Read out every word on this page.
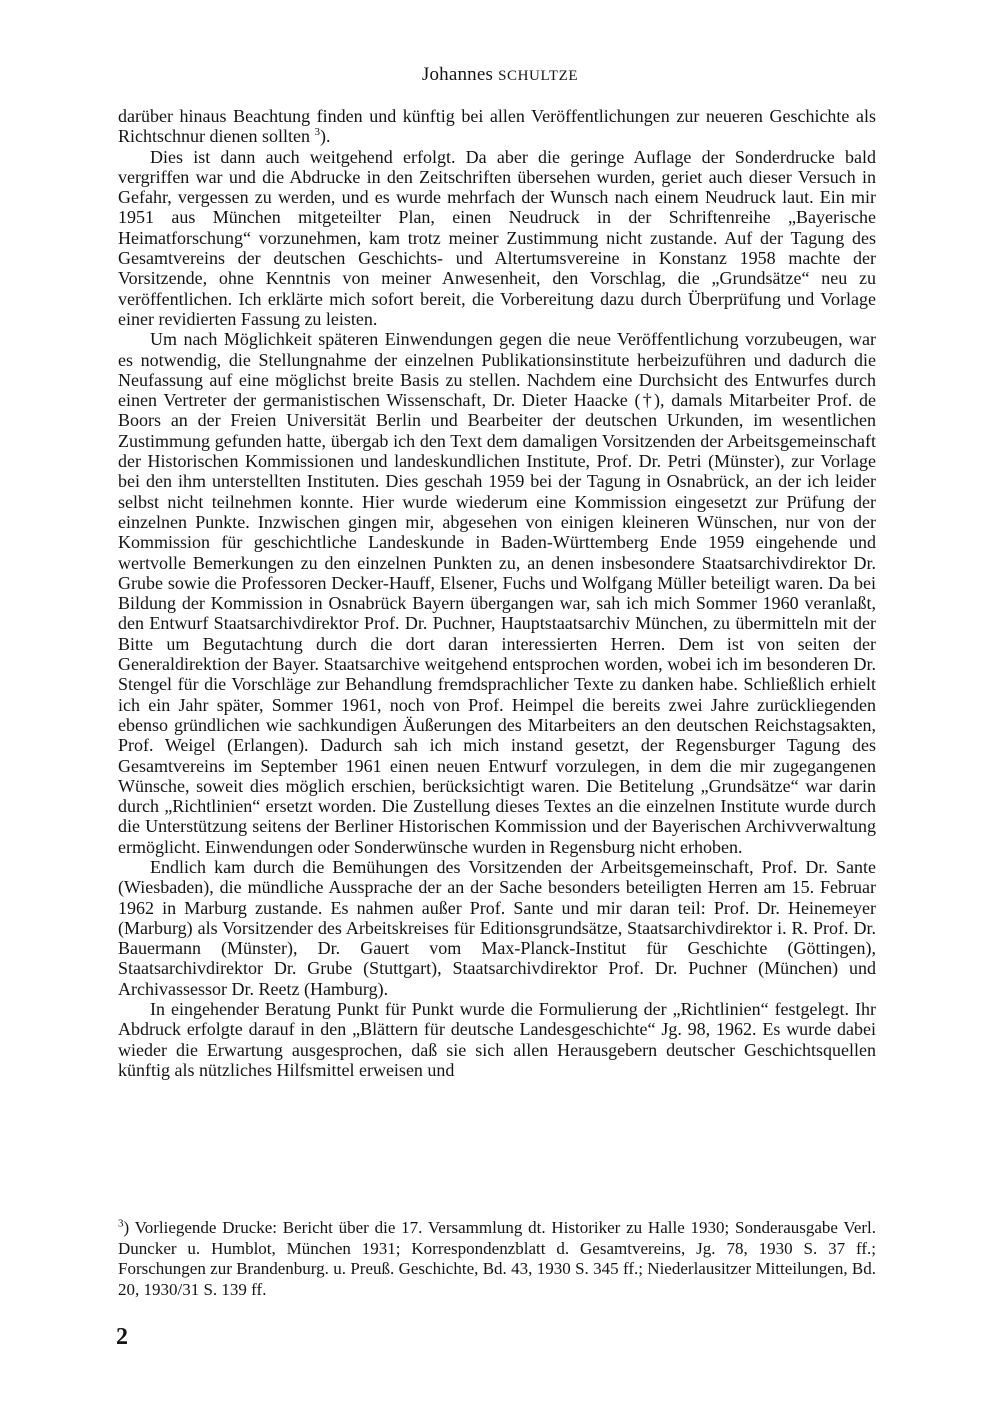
Johannes SCHULTZE

darüber hinaus Beachtung finden und künftig bei allen Veröffentlichungen zur neueren Geschichte als Richtschnur dienen sollten $^3$).

Dies ist dann auch weitgehend erfolgt. Da aber die geringe Auflage der Sonderdrucke bald vergriffen war und die Abdrucke in den Zeitschriften übersehen wurden, geriet auch dieser Versuch in Gefahr, vergessen zu werden, und es wurde mehrfach der Wunsch nach einem Neudruck laut. Ein mir 1951 aus München mitgeteilter Plan, einen Neudruck in der Schriftenreihe „Bayerische Heimatforschung“ vorzunehmen, kam trotz meiner Zustimmung nicht zustande. Auf der Tagung des Gesamtvereins der deutschen Geschichts- und Altertumsvereine in Konstanz 1958 machte der Vorsitzende, ohne Kenntnis von meiner Anwesenheit, den Vorschlag, die „Grundsätze“ neu zu veröffentlichen. Ich erklärte mich sofort bereit, die Vorbereitung dazu durch Überprüfung und Vorlage einer revidierten Fassung zu leisten.

Um nach Möglichkeit späteren Einwendungen gegen die neue Veröffentlichung vorzubeugen, war es notwendig, die Stellungnahme der einzelnen Publikationsinstitute herbeizuführen und dadurch die Neufassung auf eine möglichst breite Basis zu stellen. Nachdem eine Durchsicht des Entwurfes durch einen Vertreter der germanistischen Wissenschaft, Dr. Dieter Haacke (†), damals Mitarbeiter Prof. de Boors an der Freien Universität Berlin und Bearbeiter der deutschen Urkunden, im wesentlichen Zustimmung gefunden hatte, übergab ich den Text dem damaligen Vorsitzenden der Arbeitsgemeinschaft der Historischen Kommissionen und landeskundlichen Institute, Prof. Dr. Petri (Münster), zur Vorlage bei den ihm unterstellten Instituten. Dies geschah 1959 bei der Tagung in Osnabrück, an der ich leider selbst nicht teilnehmen konnte. Hier wurde wiederum eine Kommission eingesetzt zur Prüfung der einzelnen Punkte. Inzwischen gingen mir, abgesehen von einigen kleineren Wünschen, nur von der Kommission für geschichtliche Landeskunde in Baden-Württemberg Ende 1959 eingehende und wertvolle Bemerkungen zu den einzelnen Punkten zu, an denen insbesondere Staatsarchivdirektor Dr. Grube sowie die Professoren Decker-Hauff, Elsener, Fuchs und Wolfgang Müller beteiligt waren. Da bei Bildung der Kommission in Osnabrück Bayern übergangen war, sah ich mich Sommer 1960 veranlaßt, den Entwurf Staatsarchivdirektor Prof. Dr. Puchner, Hauptstaatsarchiv München, zu übermitteln mit der Bitte um Begutachtung durch die dort daran interessierten Herren. Dem ist von seiten der Generaldirektion der Bayer. Staatsarchive weitgehend entsprochen worden, wobei ich im besonderen Dr. Stengel für die Vorschläge zur Behandlung fremdsprachlicher Texte zu danken habe. Schließlich erhielt ich ein Jahr später, Sommer 1961, noch von Prof. Heimpel die bereits zwei Jahre zurückliegenden ebenso gründlichen wie sachkundigen Äußerungen des Mitarbeiters an den deutschen Reichstagsakten, Prof. Weigel (Erlangen). Dadurch sah ich mich instand gesetzt, der Regensburger Tagung des Gesamtvereins im September 1961 einen neuen Entwurf vorzulegen, in dem die mir zugegangenen Wünsche, soweit dies möglich erschien, berücksichtigt waren. Die Betitelung „Grundsätze“ war darin durch „Richtlinien“ ersetzt worden. Die Zustellung dieses Textes an die einzelnen Institute wurde durch die Unterstützung seitens der Berliner Historischen Kommission und der Bayerischen Archivverwaltung ermöglicht. Einwendungen oder Sonderwünsche wurden in Regensburg nicht erhoben.

Endlich kam durch die Bemühungen des Vorsitzenden der Arbeitsgemeinschaft, Prof. Dr. Sante (Wiesbaden), die mündliche Aussprache der an der Sache besonders beteiligten Herren am 15. Februar 1962 in Marburg zustande. Es nahmen außer Prof. Sante und mir daran teil: Prof. Dr. Heinemeyer (Marburg) als Vorsitzender des Arbeitskreises für Editionsgrundsätze, Staatsarchivdirektor i. R. Prof. Dr. Bauermann (Münster), Dr. Gauert vom Max-Planck-Institut für Geschichte (Göttingen), Staatsarchivdirektor Dr. Grube (Stuttgart), Staatsarchivdirektor Prof. Dr. Puchner (München) und Archivassessor Dr. Reetz (Hamburg).

In eingehender Beratung Punkt für Punkt wurde die Formulierung der „Richtlinien“ festgelegt. Ihr Abdruck erfolgte darauf in den „Blättern für deutsche Landesgeschichte“ Jg. 98, 1962. Es wurde dabei wieder die Erwartung ausgesprochen, daß sie sich allen Herausgebern deutscher Geschichtsquellen künftig als nützliches Hilfsmittel erweisen und

$^3$) Vorliegende Drucke: Bericht über die 17. Versammlung dt. Historiker zu Halle 1930; Sonderausgabe Verl. Duncker u. Humblot, München 1931; Korrespondenzblatt d. Gesamtvereins, Jg. 78, 1930 S. 37 ff.; Forschungen zur Brandenburg. u. Preuß. Geschichte, Bd. 43, 1930 S. 345 ff.; Niederlausitzer Mitteilungen, Bd. 20, 1930/31 S. 139 ff.
2
